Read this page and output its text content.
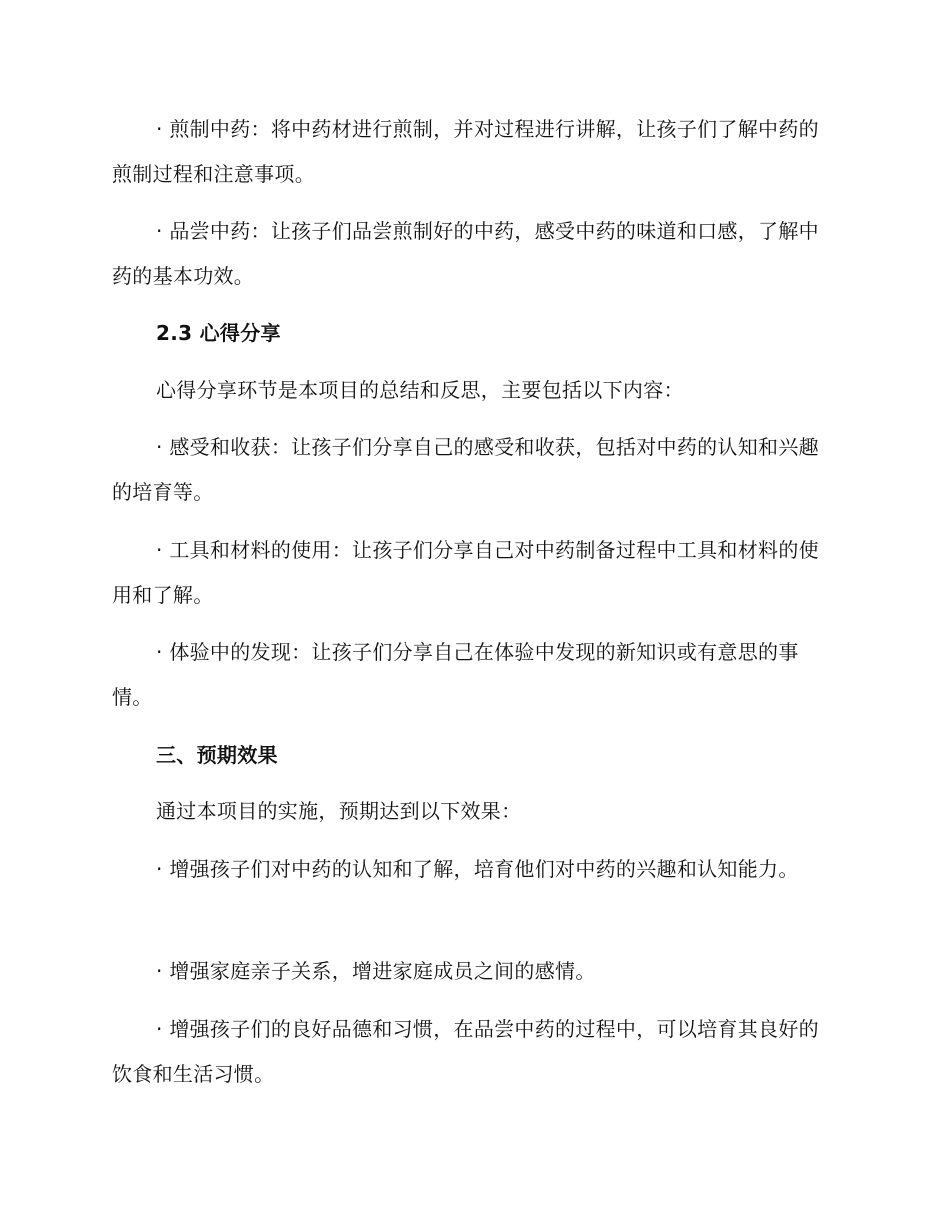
· 煎制中药：将中药材进行煎制，并对过程进行讲解，让孩子们了解中药的煎制过程和注意事项。

· 品尝中药：让孩子们品尝煎制好的中药，感受中药的味道和口感，了解中药的基本功效。

2.3 心得分享

心得分享环节是本项目的总结和反思，主要包括以下内容：

· 感受和收获：让孩子们分享自己的感受和收获，包括对中药的认知和兴趣的培育等。

· 工具和材料的使用：让孩子们分享自己对中药制备过程中工具和材料的使用和了解。

· 体验中的发现：让孩子们分享自己在体验中发现的新知识或有意思的事情。

三、预期效果

通过本项目的实施，预期达到以下效果：

· 增强孩子们对中药的认知和了解，培育他们对中药的兴趣和认知能力。

· 增强家庭亲子关系，增进家庭成员之间的感情。

· 增强孩子们的良好品德和习惯，在品尝中药的过程中，可以培育其良好的饮食和生活习惯。
